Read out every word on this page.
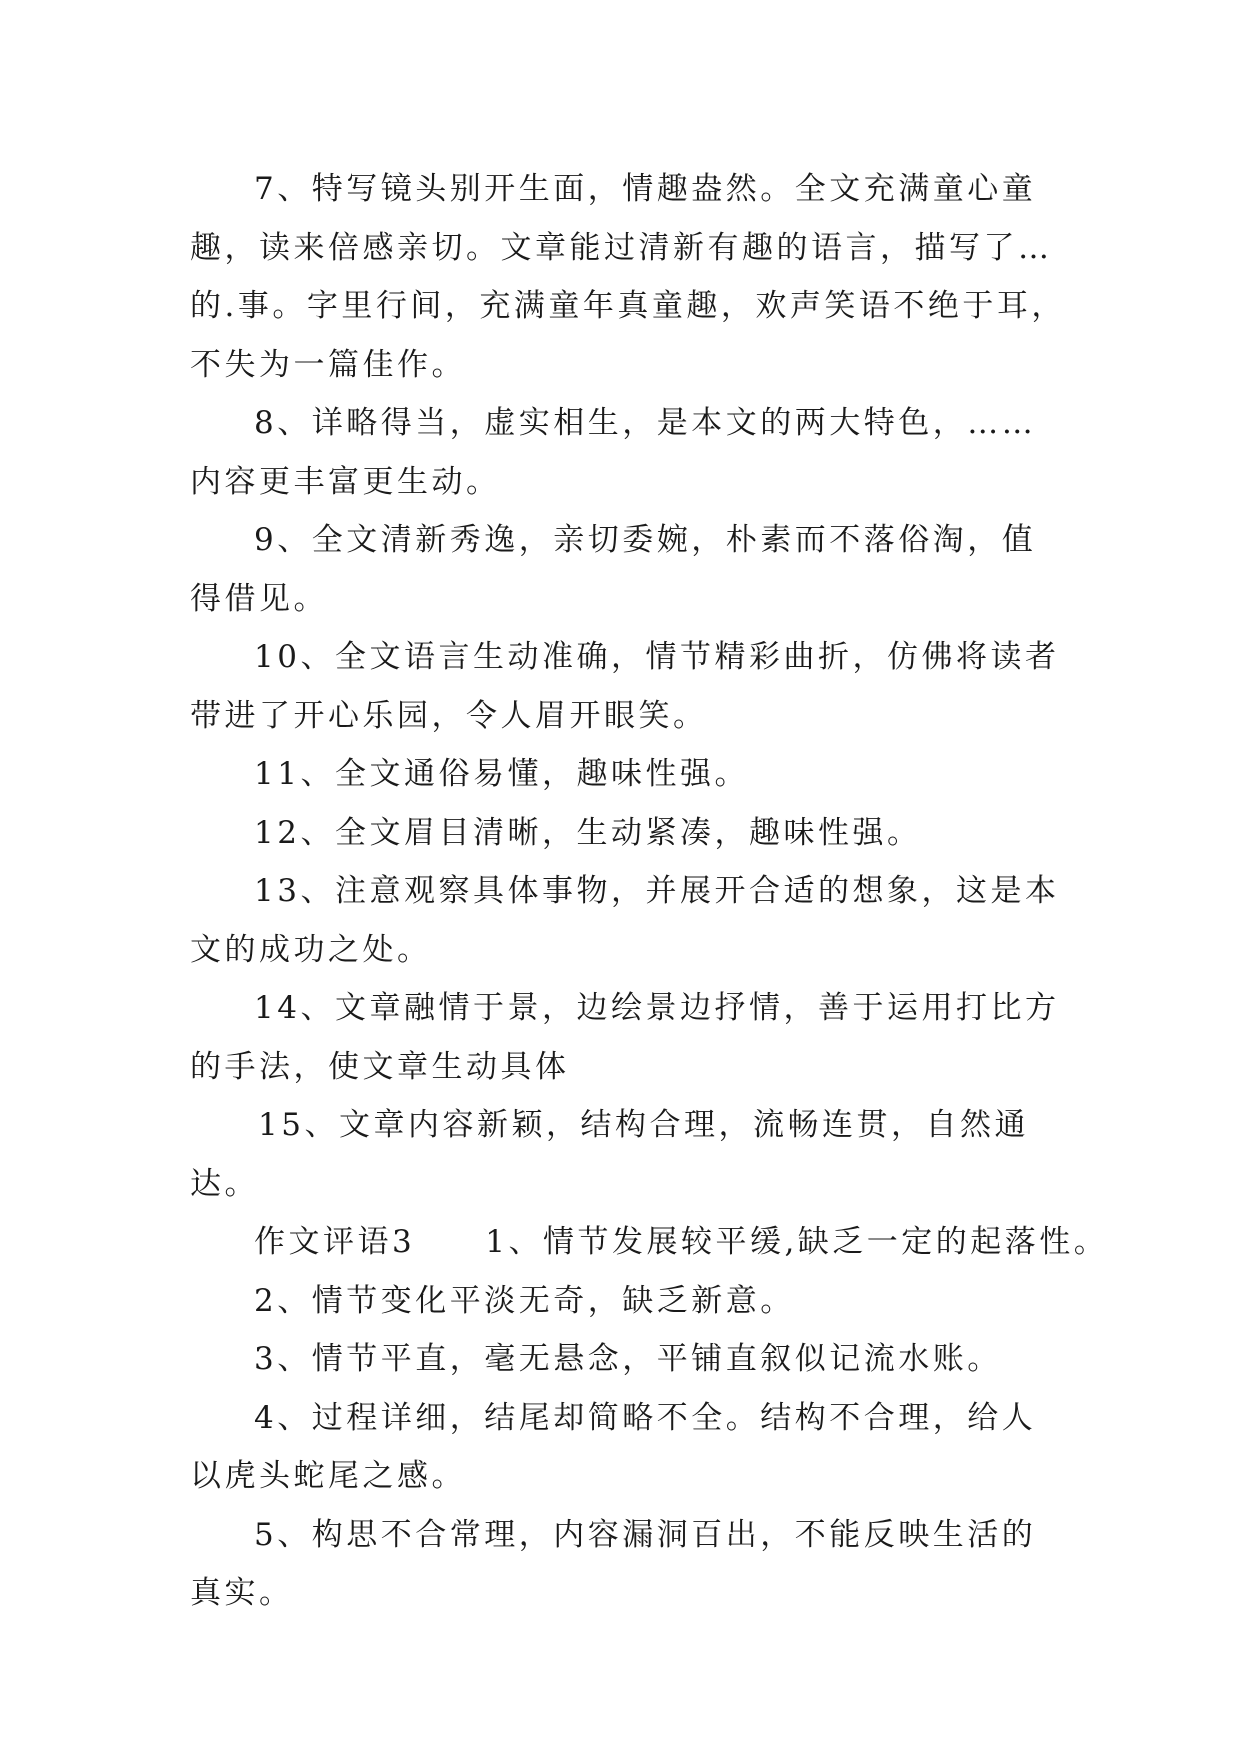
7、特写镜头别开生面，情趣盎然。全文充满童心童趣，读来倍感亲切。文章能过清新有趣的语言，描写了…的.事。字里行间，充满童年真童趣，欢声笑语不绝于耳，不失为一篇佳作。

8、详略得当，虚实相生，是本文的两大特色，……内容更丰富更生动。

9、全文清新秀逸，亲切委婉，朴素而不落俗淘，值得借见。

10、全文语言生动准确，情节精彩曲折，仿佛将读者带进了开心乐园，令人眉开眼笑。

11、全文通俗易懂，趣味性强。

12、全文眉目清晰，生动紧凑，趣味性强。

13、注意观察具体事物，并展开合适的想象，这是本文的成功之处。

14、文章融情于景，边绘景边抒情，善于运用打比方的手法，使文章生动具体

15、文章内容新颖，结构合理，流畅连贯，自然通达。

作文评语3 1、情节发展较平缓,缺乏一定的起落性。

2、情节变化平淡无奇，缺乏新意。

3、情节平直，毫无悬念，平铺直叙似记流水账。

4、过程详细，结尾却简略不全。结构不合理，给人以虎头蛇尾之感。

5、构思不合常理，内容漏洞百出，不能反映生活的真实。
